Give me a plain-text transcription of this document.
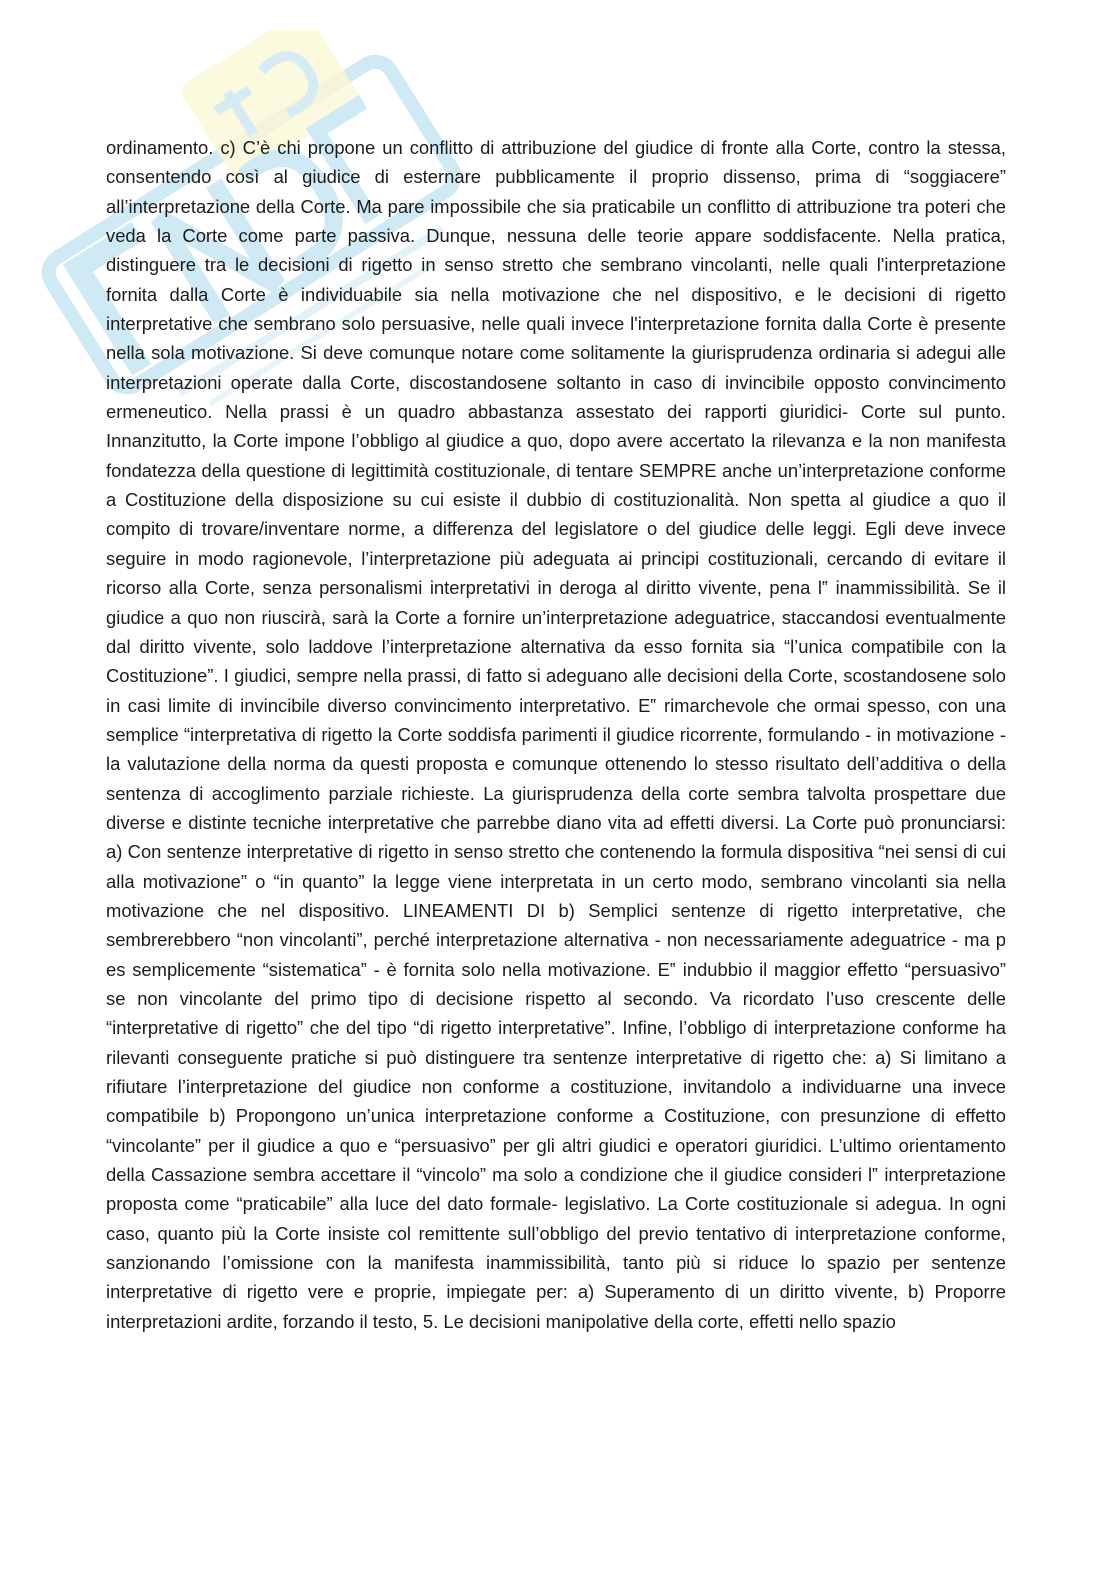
ordinamento. c) C’è chi propone un conflitto di attribuzione del giudice di fronte alla Corte, contro la stessa, consentendo così al giudice di esternare pubblicamente il proprio dissenso, prima di “soggiacere” all’interpretazione della Corte. Ma pare impossibile che sia praticabile un conflitto di attribuzione tra poteri che veda la Corte come parte passiva. Dunque, nessuna delle teorie appare soddisfacente. Nella pratica, distinguere tra le decisioni di rigetto in senso stretto che sembrano vincolanti, nelle quali l'interpretazione fornita dalla Corte è individuabile sia nella motivazione che nel dispositivo, e le decisioni di rigetto interpretative che sembrano solo persuasive, nelle quali invece l'interpretazione fornita dalla Corte è presente nella sola motivazione. Si deve comunque notare come solitamente la giurisprudenza ordinaria si adegui alle interpretazioni operate dalla Corte, discostandosene soltanto in caso di invincibile opposto convincimento ermeneutico. Nella prassi è un quadro abbastanza assestato dei rapporti giuridici- Corte sul punto. Innanzitutto, la Corte impone l’obbligo al giudice a quo, dopo avere accertato la rilevanza e la non manifesta fondatezza della questione di legittimità costituzionale, di tentare SEMPRE anche un’interpretazione conforme a Costituzione della disposizione su cui esiste il dubbio di costituzionalità. Non spetta al giudice a quo il compito di trovare/inventare norme, a differenza del legislatore o del giudice delle leggi. Egli deve invece seguire in modo ragionevole, l’interpretazione più adeguata ai principi costituzionali, cercando di evitare il ricorso alla Corte, senza personalismi interpretativi in deroga al diritto vivente, pena l‟ inammissibilità. Se il giudice a quo non riuscirà, sarà la Corte a fornire un’interpretazione adeguatrice, staccandosi eventualmente dal diritto vivente, solo laddove l’interpretazione alternativa da esso fornita sia “l’unica compatibile con la Costituzione”. I giudici, sempre nella prassi, di fatto si adeguano alle decisioni della Corte, scostandosene solo in casi limite di invincibile diverso convincimento interpretativo. E‟ rimarchevole che ormai spesso, con una semplice “interpretativa di rigetto la Corte soddisfa parimenti il giudice ricorrente, formulando - in motivazione - la valutazione della norma da questi proposta e comunque ottenendo lo stesso risultato dell’additiva o della sentenza di accoglimento parziale richieste. La giurisprudenza della corte sembra talvolta prospettare due diverse e distinte tecniche interpretative che parrebbe diano vita ad effetti diversi. La Corte può pronunciarsi: a) Con sentenze interpretative di rigetto in senso stretto che contenendo la formula dispositiva “nei sensi di cui alla motivazione” o “in quanto” la legge viene interpretata in un certo modo, sembrano vincolanti sia nella motivazione che nel dispositivo. LINEAMENTI DI b) Semplici sentenze di rigetto interpretative, che sembrerebbero “non vincolanti”, perché interpretazione alternativa - non necessariamente adeguatrice - ma p es semplicemente “sistematica” - è fornita solo nella motivazione. E‟ indubbio il maggior effetto “persuasivo” se non vincolante del primo tipo di decisione rispetto al secondo. Va ricordato l’uso crescente delle “interpretative di rigetto” che del tipo “di rigetto interpretative”. Infine, l’obbligo di interpretazione conforme ha rilevanti conseguente pratiche si può distinguere tra sentenze interpretative di rigetto che: a) Si limitano a rifiutare l’interpretazione del giudice non conforme a costituzione, invitandolo a individuarne una invece compatibile b) Propongono un’unica interpretazione conforme a Costituzione, con presunzione di effetto “vincolante” per il giudice a quo e “persuasivo” per gli altri giudici e operatori giuridici. L’ultimo orientamento della Cassazione sembra accettare il “vincolo” ma solo a condizione che il giudice consideri l‟ interpretazione proposta come “praticabile” alla luce del dato formale- legislativo. La Corte costituzionale si adegua. In ogni caso, quanto più la Corte insiste col remittente sull’obbligo del previo tentativo di interpretazione conforme, sanzionando l’omissione con la manifesta inammissibilità, tanto più si riduce lo spazio per sentenze interpretative di rigetto vere e proprie, impiegate per: a) Superamento di un diritto vivente, b) Proporre interpretazioni ardite, forzando il testo, 5. Le decisioni manipolative della corte, effetti nello spazio
